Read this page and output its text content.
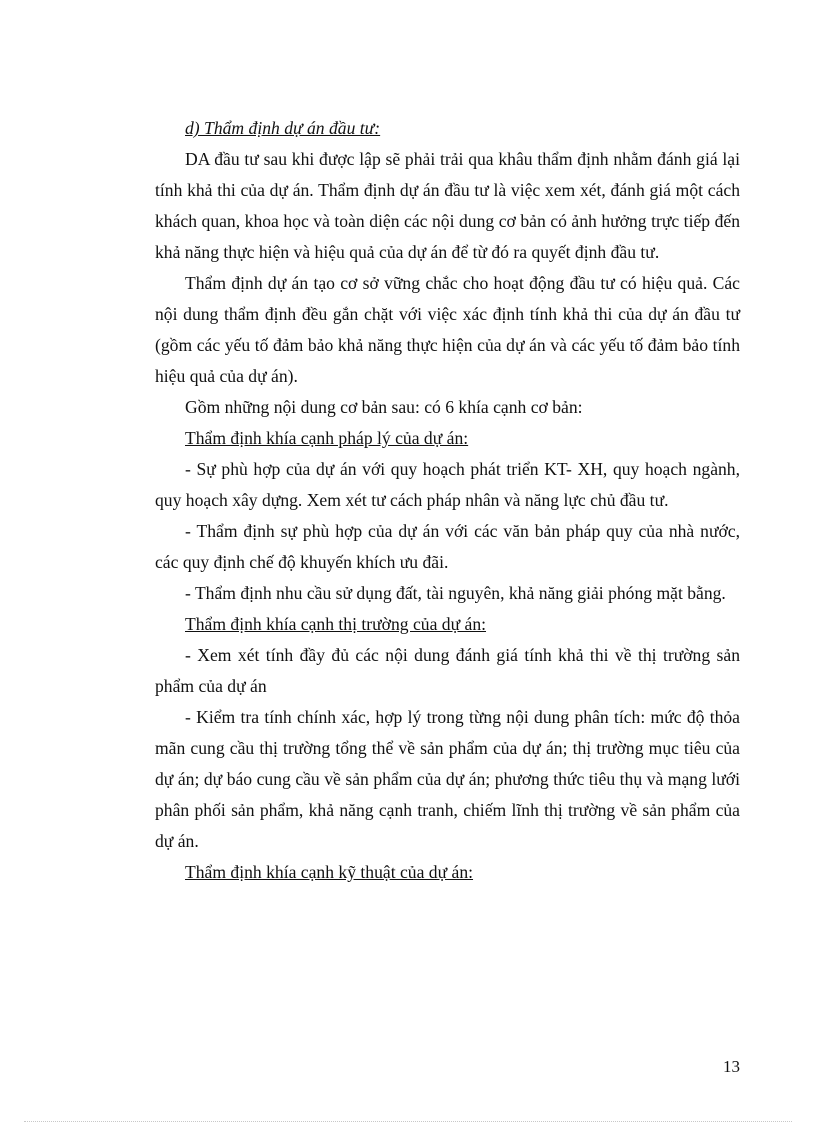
d) Thẩm định dự án đầu tư:

DA đầu tư sau khi được lập sẽ phải trải qua khâu thẩm định nhằm đánh giá lại tính khả thi của dự án. Thẩm định dự án đầu tư là việc xem xét, đánh giá một cách khách quan, khoa học và toàn diện các nội dung cơ bản có ảnh hưởng trực tiếp đến khả năng thực hiện và hiệu quả của dự án để từ đó ra quyết định đầu tư.

Thẩm định dự án tạo cơ sở vững chắc cho hoạt động đầu tư có hiệu quả. Các nội dung thẩm định đều gắn chặt với việc xác định tính khả thi của dự án đầu tư (gồm các yếu tố đảm bảo khả năng thực hiện của dự án và các yếu tố đảm bảo tính hiệu quả của dự án).

Gồm những nội dung cơ bản sau: có 6 khía cạnh cơ bản:

Thẩm định khía cạnh pháp lý của dự án:

- Sự phù hợp của dự án với quy hoạch phát triển KT- XH, quy hoạch ngành, quy hoạch xây dựng. Xem xét tư cách pháp nhân và năng lực chủ đầu tư.

- Thẩm định sự phù hợp của dự án với các văn bản pháp quy của nhà nước, các quy định chế độ khuyến khích ưu đãi.

- Thẩm định nhu cầu sử dụng đất, tài nguyên, khả năng giải phóng mặt bằng.

Thẩm định khía cạnh thị trường của dự án:

- Xem xét tính đầy đủ các nội dung đánh giá tính khả thi về thị trường sản phẩm của dự án

- Kiểm tra tính chính xác, hợp lý trong từng nội dung phân tích: mức độ thỏa mãn cung cầu thị trường tổng thể về sản phẩm của dự án; thị trường mục tiêu của dự án; dự báo cung cầu về sản phẩm của dự án; phương thức tiêu thụ và mạng lưới phân phối sản phẩm, khả năng cạnh tranh, chiếm lĩnh thị trường về sản phẩm của dự án.

Thẩm định khía cạnh kỹ thuật của dự án:

13
